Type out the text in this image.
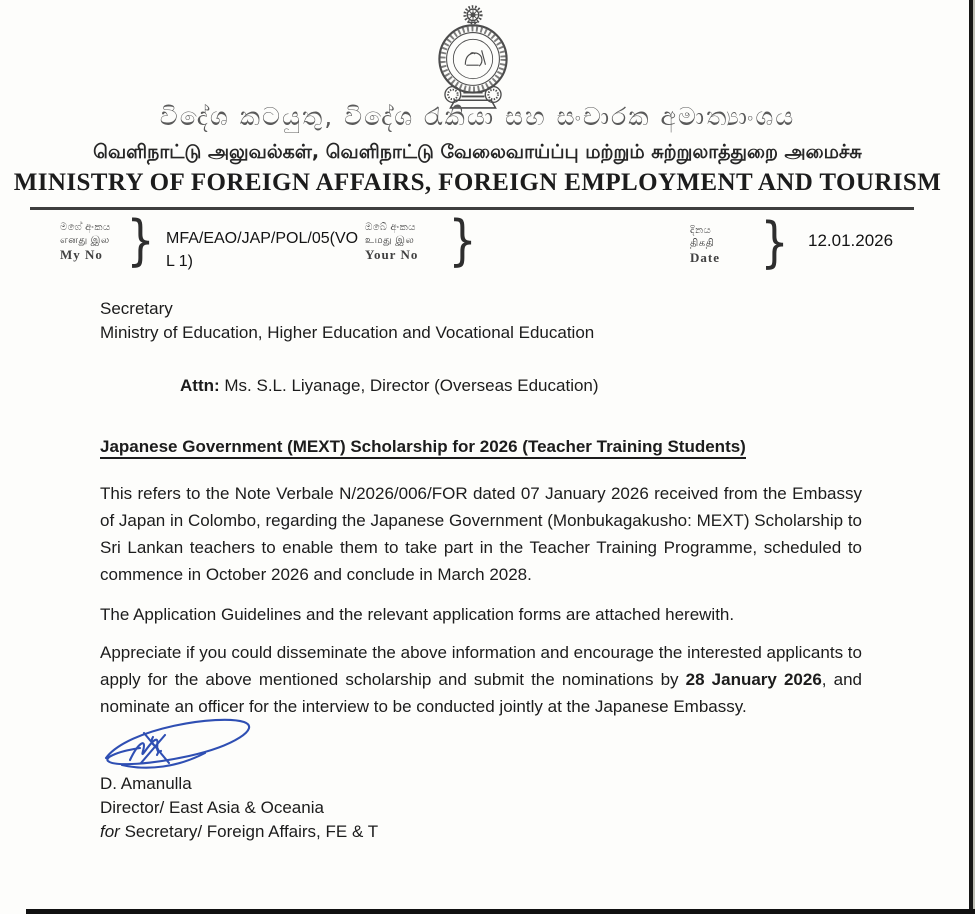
විදේශ කටයුතු, විදේශ රැකියා සහ සංචාරක අමාත්‍යාංශය
வெளிநாட்டு அலுவல்கள், வெளிநாட்டு வேலைவாய்ப்பு மற்றும் சுற்றுலாத்துறை அமைச்சு
MINISTRY OF FOREIGN AFFAIRS, FOREIGN EMPLOYMENT AND TOURISM
මගේ අංකය
எனது இல
My No } MFA/EAO/JAP/POL/05(VOL 1)
ඔබේ අංකය
உமது இல
Your No }	දිනය
திகதி
Date } 12.01.2026
Secretary
Ministry of Education, Higher Education and Vocational Education
Attn: Ms. S.L. Liyanage, Director (Overseas Education)
Japanese Government (MEXT) Scholarship for 2026 (Teacher Training Students)

This refers to the Note Verbale N/2026/006/FOR dated 07 January 2026 received from the Embassy of Japan in Colombo, regarding the Japanese Government (Monbukagakusho: MEXT) Scholarship to Sri Lankan teachers to enable them to take part in the Teacher Training Programme, scheduled to commence in October 2026 and conclude in March 2028.

The Application Guidelines and the relevant application forms are attached herewith.

Appreciate if you could disseminate the above information and encourage the interested applicants to apply for the above mentioned scholarship and submit the nominations by 28 January 2026, and nominate an officer for the interview to be conducted jointly at the Japanese Embassy.

D. Amanulla
Director/ East Asia & Oceania
for Secretary/ Foreign Affairs, FE & T
